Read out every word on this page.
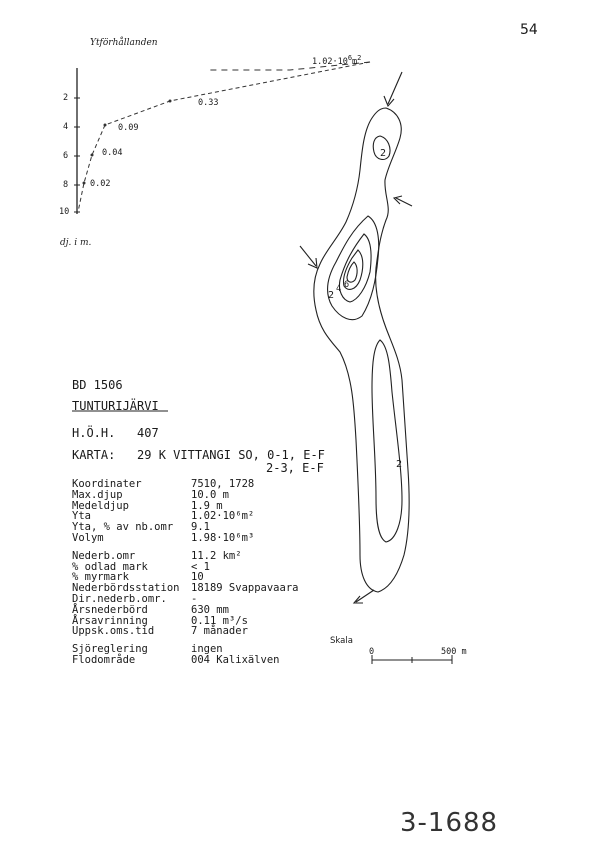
54
Ytförhållanden
$1.02\cdot 10^6m^2$
0.33
0.09
0.04
0.02
2
4
6
8
10
dj. i m.
BD 1506
TUNTURIJÄRVI
H.Ö.H. 407
KARTA: 29 K VITTANGI SO, 0-1, E-F
2-3, E-F
Koordinater
Max.djup
Medeldjup
Yta
Yta, % av nb.omr
Volym
Nederb.omr
% odlad mark
% myrmark
Nederbördsstation
Dir.nederb.omr.
Årsnederbörd
Årsavrinning
Uppsk.oms.tid
Sjöreglering
Flodområde
7510, 1728
10.0 m
1.9 m
1.02·10⁶m²
9.1
1.98·10⁶m³
11.2 km²
< 1
10
18189 Svappavaara
-
630 mm
0.11 m³/s
7 månader
ingen
004 Kalixälven
2
2
4 6
2
Skala
0	500 m
3-1688
